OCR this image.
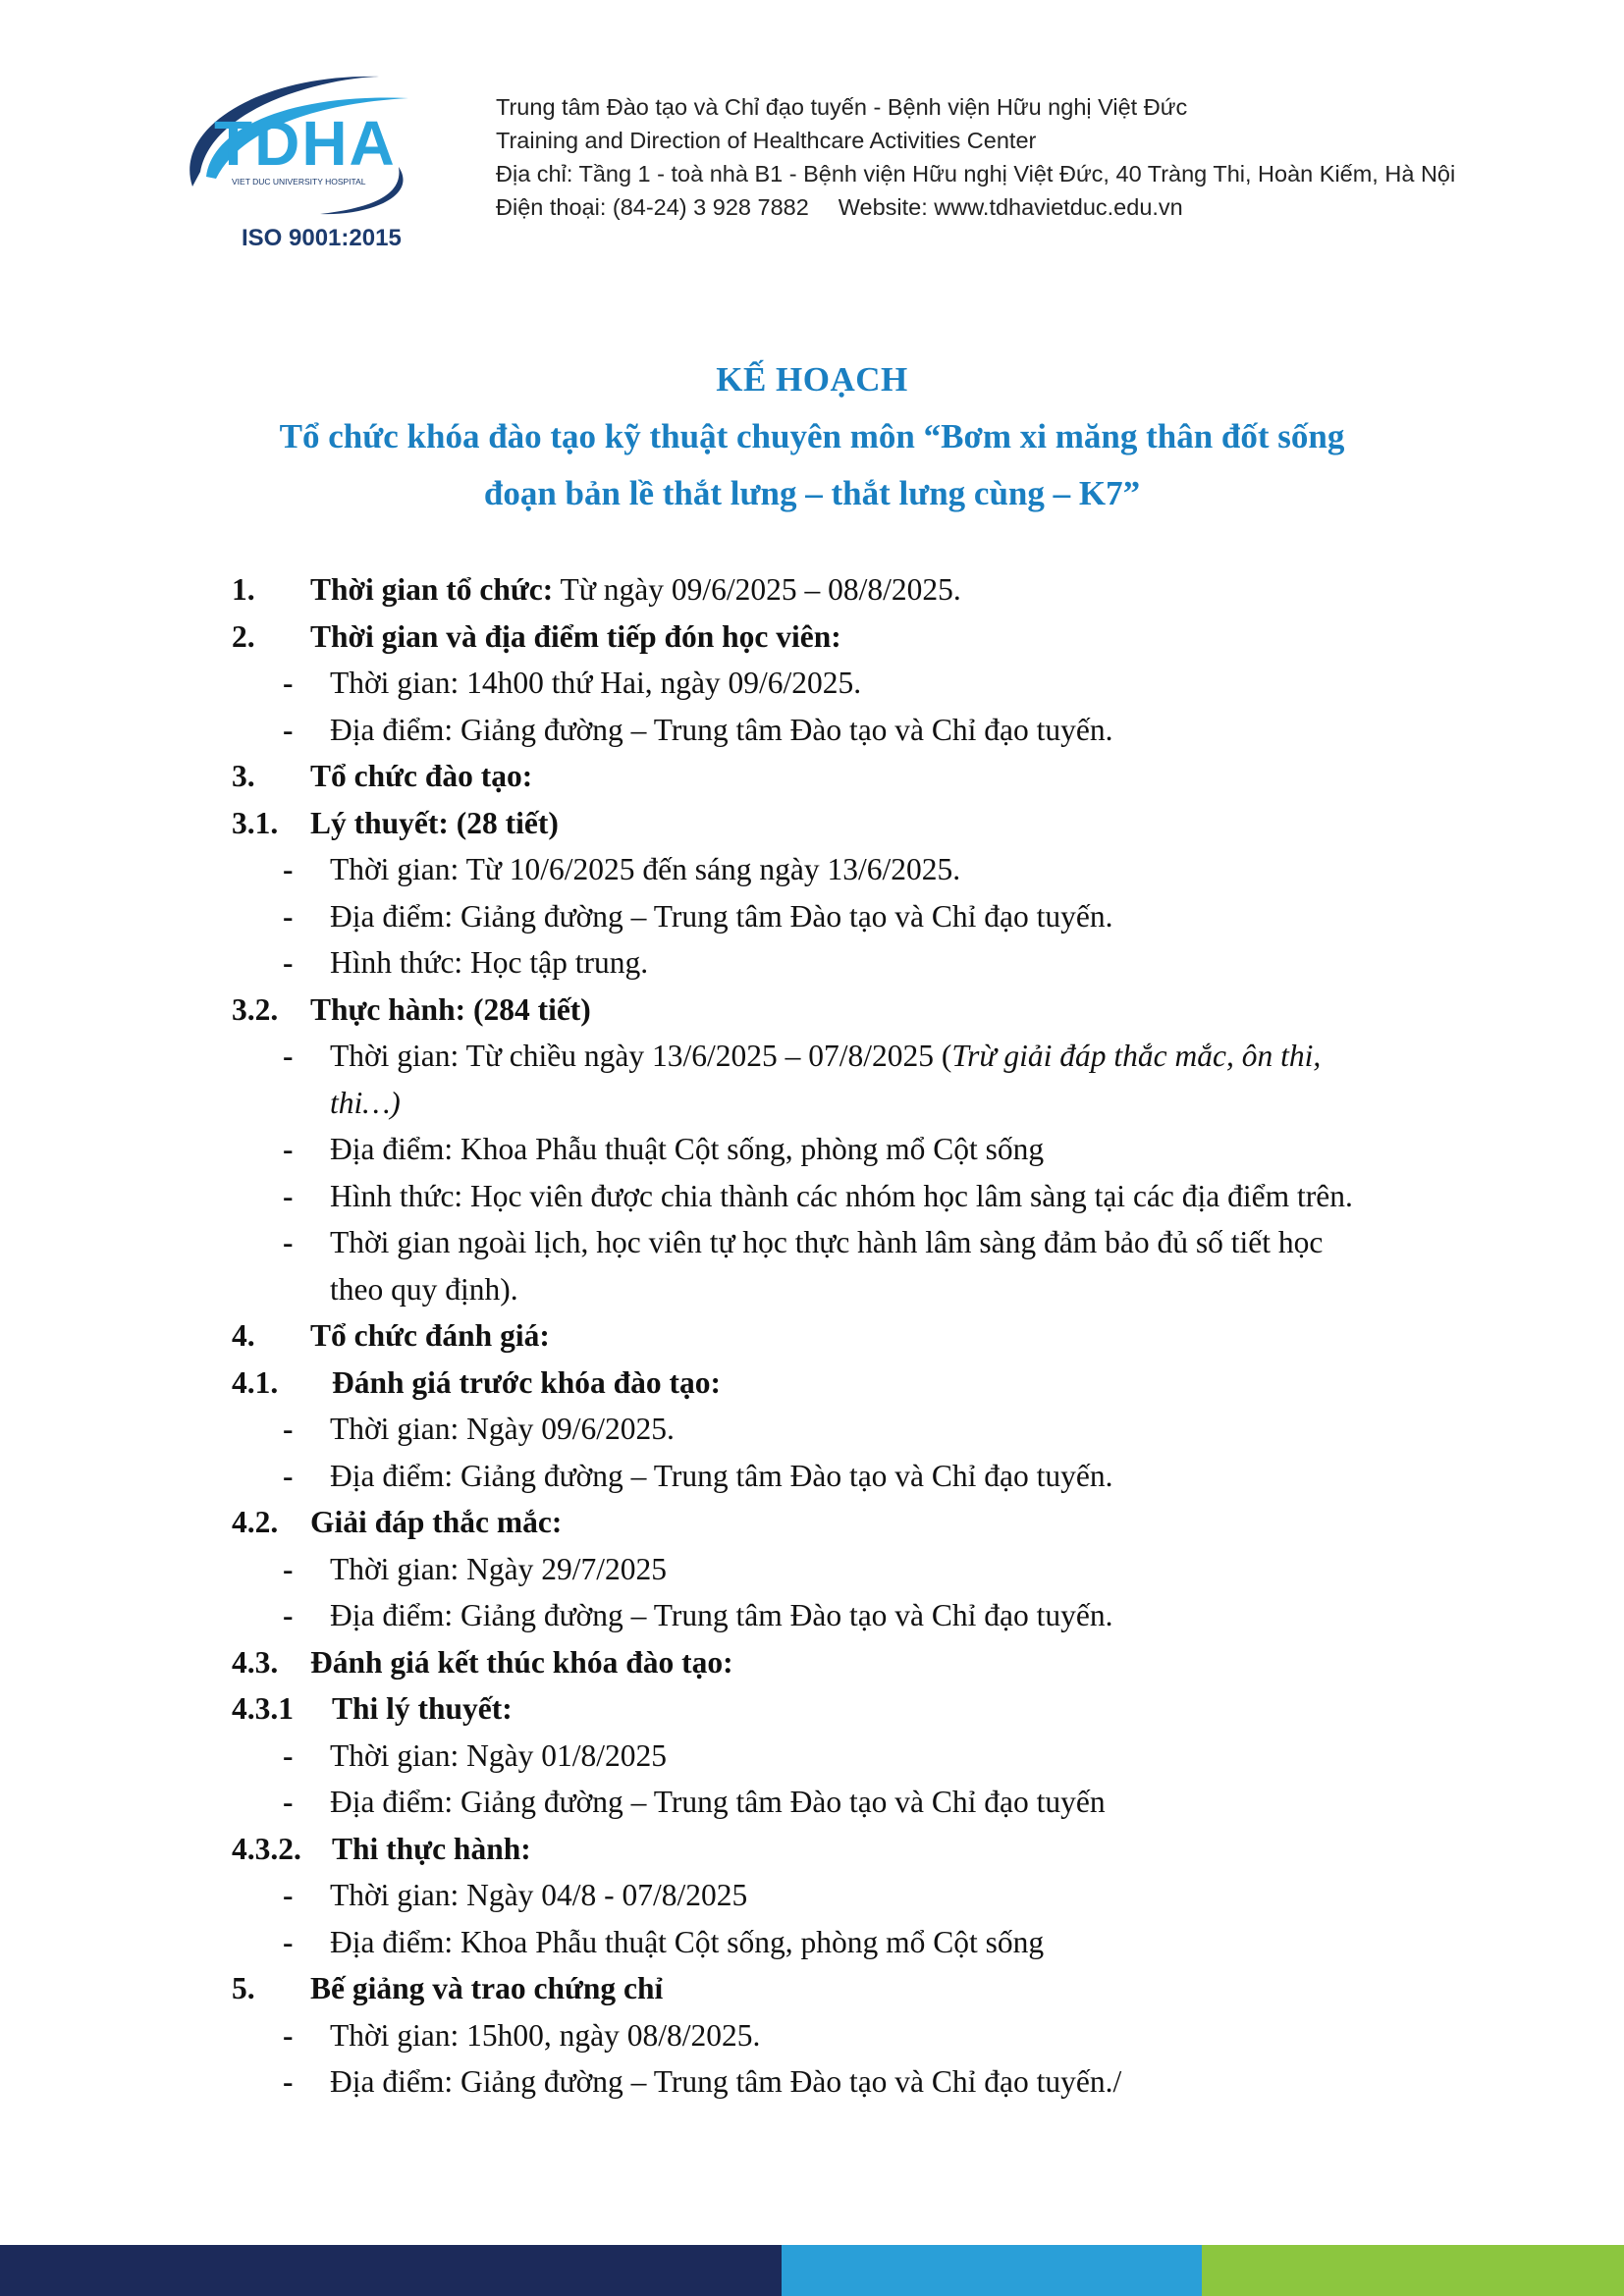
TDHA
VIET DUC UNIVERSITY HOSPITAL
ISO 9001:2015
Trung tâm Đào tạo và Chỉ đạo tuyến - Bệnh viện Hữu nghị Việt Đức
Training and Direction of Healthcare Activities Center
Địa chỉ: Tầng 1 - toà nhà B1 - Bệnh viện Hữu nghị Việt Đức, 40 Tràng Thi, Hoàn Kiếm, Hà Nội
Điện thoại: (84-24) 3 928 7882 Website: www.tdhavietduc.edu.vn
KẾ HOẠCH
Tổ chức khóa đào tạo kỹ thuật chuyên môn “Bơm xi măng thân đốt sống
đoạn bản lề thắt lưng – thắt lưng cùng – K7”
1.	Thời gian tổ chức: Từ ngày 09/6/2025 – 08/8/2025.
2.	Thời gian và địa điểm tiếp đón học viên:
-	Thời gian: 14h00 thứ Hai, ngày 09/6/2025.
-	Địa điểm: Giảng đường – Trung tâm Đào tạo và Chỉ đạo tuyến.
3.	Tổ chức đào tạo:
3.1.	Lý thuyết: (28 tiết)
-	Thời gian: Từ 10/6/2025 đến sáng ngày 13/6/2025.
-	Địa điểm: Giảng đường – Trung tâm Đào tạo và Chỉ đạo tuyến.
-	Hình thức: Học tập trung.
3.2.	Thực hành: (284 tiết)
-	Thời gian: Từ chiều ngày 13/6/2025 – 07/8/2025 (Trừ giải đáp thắc mắc, ôn thi,
thi…)
-	Địa điểm: Khoa Phẫu thuật Cột sống, phòng mổ Cột sống
-	Hình thức: Học viên được chia thành các nhóm học lâm sàng tại các địa điểm trên.
-	Thời gian ngoài lịch, học viên tự học thực hành lâm sàng đảm bảo đủ số tiết học
theo quy định).
4.	Tổ chức đánh giá:
4.1.	Đánh giá trước khóa đào tạo:
-	Thời gian: Ngày 09/6/2025.
-	Địa điểm: Giảng đường – Trung tâm Đào tạo và Chỉ đạo tuyến.
4.2.	Giải đáp thắc mắc:
-	Thời gian: Ngày 29/7/2025
-	Địa điểm: Giảng đường – Trung tâm Đào tạo và Chỉ đạo tuyến.
4.3.	Đánh giá kết thúc khóa đào tạo:
4.3.1	Thi lý thuyết:
-	Thời gian: Ngày 01/8/2025
-	Địa điểm: Giảng đường – Trung tâm Đào tạo và Chỉ đạo tuyến
4.3.2. Thi thực hành:
-	Thời gian: Ngày 04/8 - 07/8/2025
-	Địa điểm: Khoa Phẫu thuật Cột sống, phòng mổ Cột sống
5.	Bế giảng và trao chứng chỉ
-	Thời gian: 15h00, ngày 08/8/2025.
-	Địa điểm: Giảng đường – Trung tâm Đào tạo và Chỉ đạo tuyến./
